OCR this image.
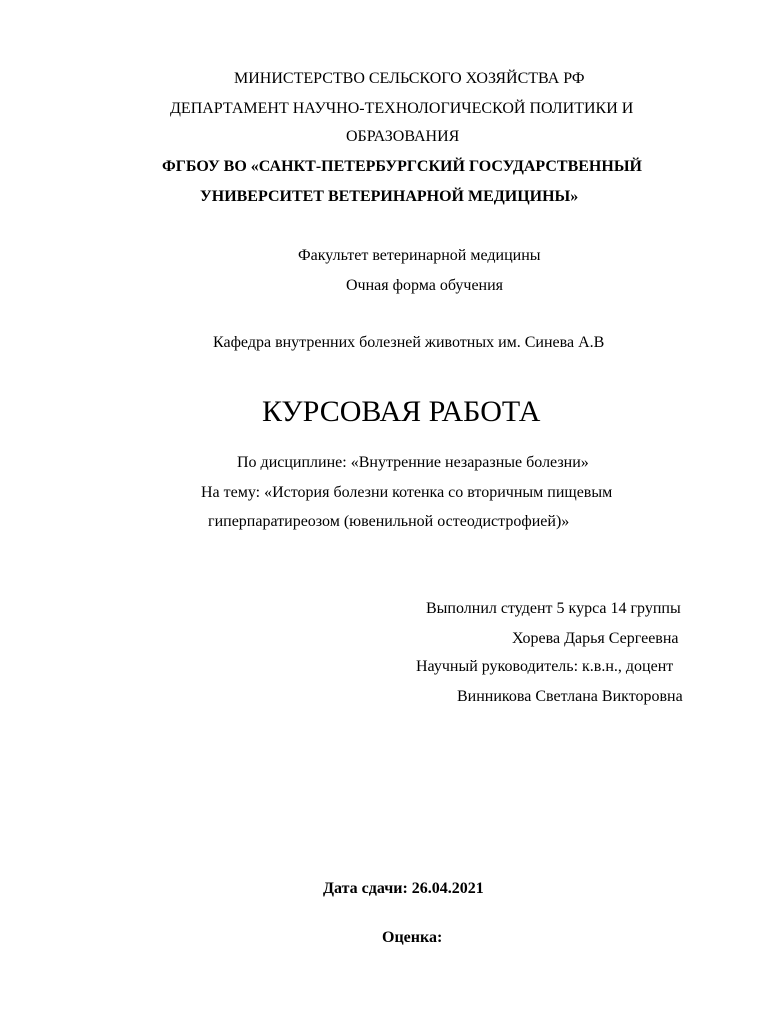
МИНИСТЕРСТВО СЕЛЬСКОГО ХОЗЯЙСТВА РФ
ДЕПАРТАМЕНТ НАУЧНО-ТЕХНОЛОГИЧЕСКОЙ ПОЛИТИКИ И
ОБРАЗОВАНИЯ
ФГБОУ ВО «САНКТ-ПЕТЕРБУРГСКИЙ ГОСУДАРСТВЕННЫЙ
УНИВЕРСИТЕТ ВЕТЕРИНАРНОЙ МЕДИЦИНЫ»
Факультет ветеринарной медицины
Очная форма обучения
Кафедра внутренних болезней животных им. Синева А.В
КУРСОВАЯ РАБОТА
По дисциплине: «Внутренние незаразные болезни»
На тему: «История болезни котенка со вторичным пищевым
гиперпаратиреозом (ювенильной остеодистрофией)»
Выполнил студент 5 курса 14 группы
Хорева Дарья Сергеевна
Научный руководитель: к.в.н., доцент
Винникова Светлана Викторовна
Дата сдачи: 26.04.2021
Оценка:
